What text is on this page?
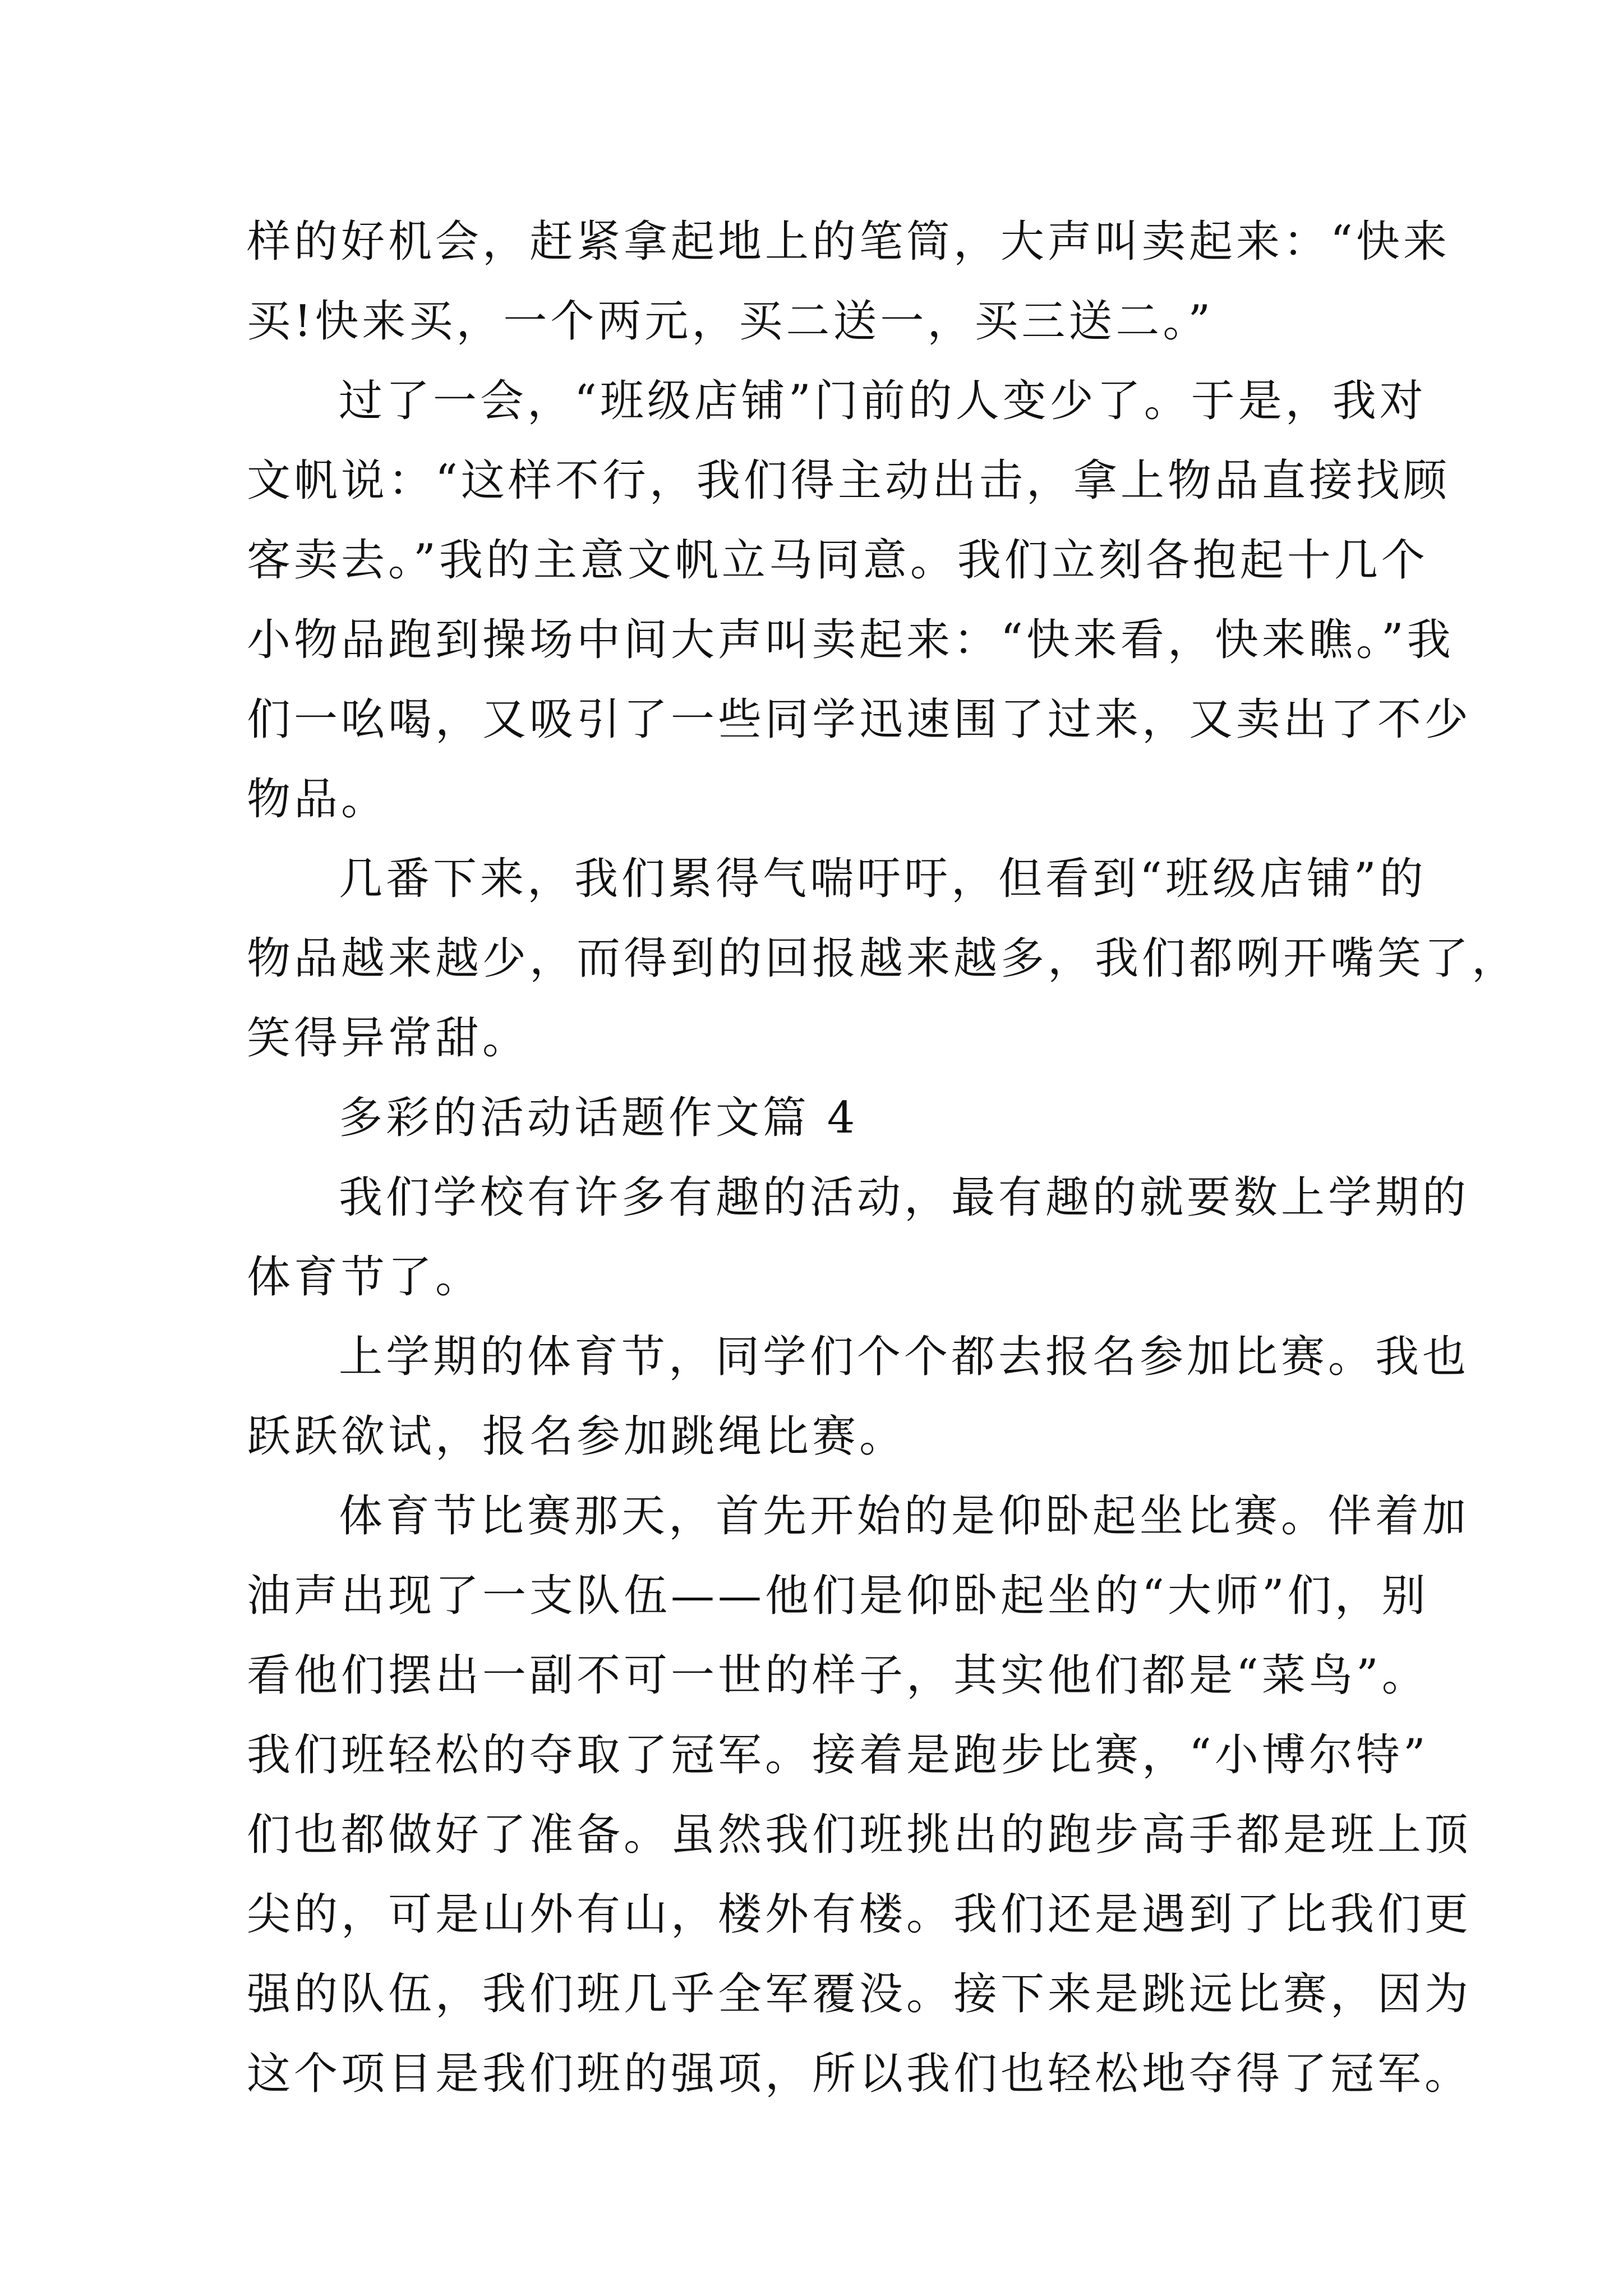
样的好机会，赶紧拿起地上的笔筒，大声叫卖起来：“快来
买!快来买，一个两元，买二送一，买三送二。”
过了一会，“班级店铺”门前的人变少了。于是，我对
文帆说：“这样不行，我们得主动出击，拿上物品直接找顾
客卖去。”我的主意文帆立马同意。我们立刻各抱起十几个
小物品跑到操场中间大声叫卖起来：“快来看，快来瞧。”我
们一吆喝，又吸引了一些同学迅速围了过来，又卖出了不少
物品。
几番下来，我们累得气喘吁吁，但看到“班级店铺”的
物品越来越少，而得到的回报越来越多，我们都咧开嘴笑了，
笑得异常甜。
多彩的活动话题作文篇 4
我们学校有许多有趣的活动，最有趣的就要数上学期的
体育节了。
上学期的体育节，同学们个个都去报名参加比赛。我也
跃跃欲试，报名参加跳绳比赛。
体育节比赛那天，首先开始的是仰卧起坐比赛。伴着加
油声出现了一支队伍——他们是仰卧起坐的“大师”们，别
看他们摆出一副不可一世的样子，其实他们都是“菜鸟”。
我们班轻松的夺取了冠军。接着是跑步比赛，“小博尔特”
们也都做好了准备。虽然我们班挑出的跑步高手都是班上顶
尖的，可是山外有山，楼外有楼。我们还是遇到了比我们更
强的队伍，我们班几乎全军覆没。接下来是跳远比赛，因为
这个项目是我们班的强项，所以我们也轻松地夺得了冠军。
